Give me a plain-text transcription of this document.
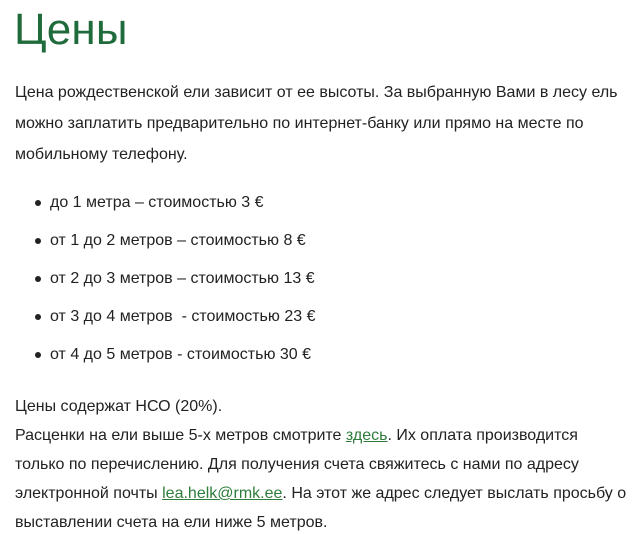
Цены

Цена рождественской ели зависит от ее высоты. За выбранную Вами в лесу ель можно заплатить предварительно по интернет-банку или прямо на месте по мобильному телефону.

до 1 метра – стоимостью 3 €
от 1 до 2 метров – стоимостью 8 €
от 2 до 3 метров – стоимостью 13 €
от 3 до 4 метров  - стоимостью 23 €
от 4 до 5 метров - стоимостью 30 €
Цены содержат НСО (20%).
Расценки на ели выше 5-х метров смотрите здесь. Их оплата производится только по перечислению. Для получения счета свяжитесь с нами по адресу электронной почты lea.helk@rmk.ee. На этот же адрес следует выслать просьбу о выставлении счета на ели ниже 5 метров.
